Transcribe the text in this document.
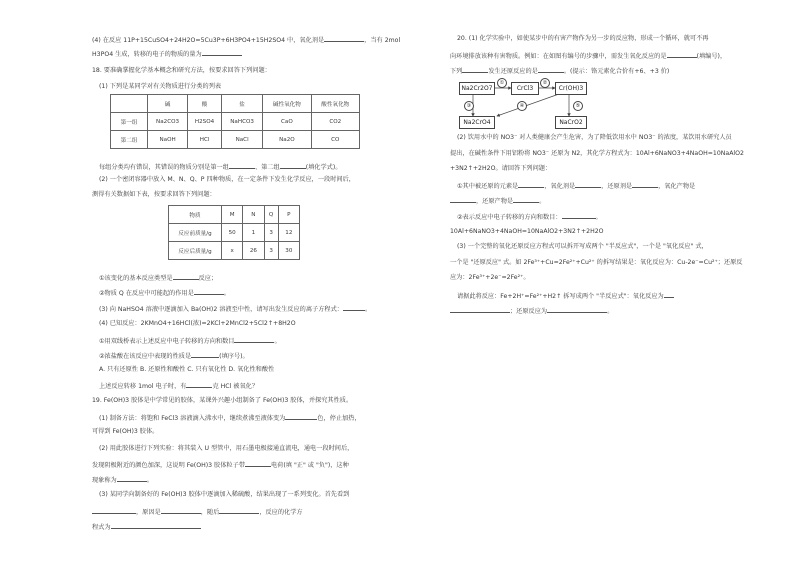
(4) 在反应 11P+15CuSO4+24H2O=5Cu3P+6H3PO4+15H2SO4 中，氧化剂是	，当有 2mol
H3PO4 生成，转移的电子的物质的量为
18. 要准确掌握化学基本概念和研究方法，按要求回答下列问题：
(1) 下列是某同学对有关物质进行分类的列表
	碱	酸	盐	碱性氧化物	酸性氧化物
第一组	Na2CO3	H2SO4	NaHCO3	CaO	CO2
第二组	NaOH	HCl	NaCl	Na2O	CO
每组分类均有错误，其错误的物质分别是第一组	、第二组	(填化学式)。
(2) 一个密闭容器中放入 M、N、Q、P 四种物质，在一定条件下发生化学反应，一段时间后，
测得有关数据如下表，按要求回答下列问题：
物质	M	N	Q	P
反应前质量/g	50	1	3	12
反应后质量/g	x	26	3	30
①该变化的基本反应类型是	反应；
②物质 Q 在反应中可能起的作用是	。
(3) 向 NaHSO4 溶液中逐滴加入 Ba(OH)2 溶液至中性，请写出发生反应的离子方程式：	。
(4) 已知反应：2KMnO4+16HCl(浓)=2KCl+2MnCl2+5Cl2↑+8H2O
①用双线桥表示上述反应中电子转移的方向和数目	。
②浓盐酸在该反应中表现的性质是	(填序号)。
A. 只有还原性 B. 还原性和酸性 C. 只有氧化性 D. 氧化性和酸性
上述反应转移 1mol 电子时，有	克 HCl 被氧化？
19. Fe(OH)3 胶体是中学常见的胶体，某课外兴趣小组制备了 Fe(OH)3 胶体，并探究其性质。
(1) 制备方法：将饱和 FeCl3 溶液滴入沸水中，继续煮沸至液体变为	色，停止加热，
可得到 Fe(OH)3 胶体。
(2) 用此胶体进行下列实验：将其装入 U 型管中，用石墨电极接通直流电，通电一段时间后，
发现阴极附近的颜色加深，这说明 Fe(OH)3 胶体粒子带	电荷(填 "正" 或 "负")，这种
现象称为	。
(3) 某同学向制备好的 Fe(OH)3 胶体中逐滴加入稀硫酸，结果出现了一系列变化。首先看到
，原因是	，随后	，反应的化学方
程式为
20. (1) 化学实验中，如使某步中的有害产物作为另一步的反应物，形成一个循环，就可不再
向环境排放该种有害物质。例如：在如图有编号的步骤中，需发生氧化反应的是	(填编号)，
下列	发生还原反应的是	。(提示：铬元素化合价有+6、+3 价)
Na2Cr2O7	CrCl3	Cr(OH)3
Na2CrO4	NaCrO2
①	②
③	④	⑤
(2) 饮用水中的 NO3⁻ 对人类健康会产生危害，为了降低饮用水中 NO3⁻ 的浓度，某饮用水研究人员
提出，在碱性条件下用铝粉将 NO3⁻ 还原为 N2，其化学方程式为：10Al+6NaNO3+4NaOH=10NaAlO2
+3N2↑+2H2O。请回答下列问题：
①其中被还原的元素是	，氧化剂是	，还原剂是	，氧化产物是
，还原产物是	。
②表示反应中电子转移的方向和数目：	。
10Al+6NaNO3+4NaOH=10NaAlO2+3N2↑+2H2O
(3) 一个完整的氧化还原反应方程式可以拆开写成两个 "半反应式"，一个是 "氧化反应" 式，
一个是 "还原反应" 式。如 2Fe³⁺+Cu=2Fe²⁺+Cu²⁺ 的拆写结果是：氧化反应为：Cu-2e⁻=Cu²⁺；还原反
应为：2Fe³⁺+2e⁻=2Fe²⁺。
请据此将反应：Fe+2H⁺=Fe²⁺+H2↑ 拆写成两个 "半反应式"：氧化反应为
；还原反应为	。
